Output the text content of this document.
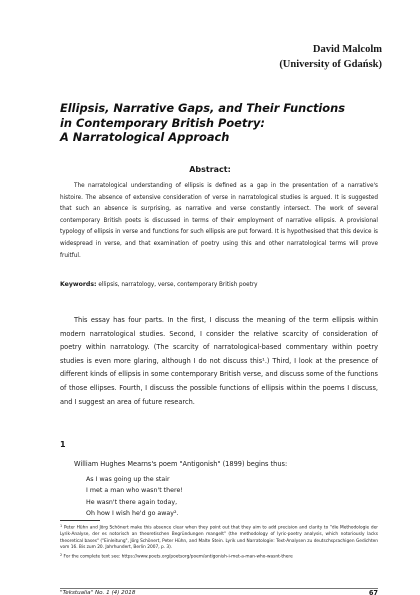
David Malcolm
(University of Gdańsk)
Ellipsis, Narrative Gaps, and Their Functions
in Contemporary British Poetry:
A Narratological Approach
Abstract:
The narratological understanding of ellipsis is defined as a gap in the presentation of a narrative's histoire. The absence of extensive consideration of verse in narratological studies is argued. It is suggested that such an absence is surprising, as narrative and verse constantly intersect. The work of several contemporary British poets is discussed in terms of their employment of narrative ellipsis. A provisional typology of ellipsis in verse and functions for such ellipsis are put forward. It is hypothesised that this device is widespread in verse, and that examination of poetry using this and other narratological terms will prove fruitful.
Keywords: ellipsis, narratology, verse, contemporary British poetry
This essay has four parts. In the first, I discuss the meaning of the term ellipsis within modern narratological studies. Second, I consider the relative scarcity of consideration of poetry within narratology. (The scarcity of narratological-based commentary within poetry studies is even more glaring, although I do not discuss this¹.) Third, I look at the presence of different kinds of ellipsis in some contemporary British verse, and discuss some of the functions of those ellipses. Fourth, I discuss the possible functions of ellipsis within the poems I discuss, and I suggest an area of future research.
1
William Hughes Mearns's poem "Antigonish" (1899) begins thus:
As I was going up the stair
I met a man who wasn't there!
He wasn't there again today,
Oh how I wish he'd go away².
$^1$ Peter Hühn and Jörg Schönert make this absence clear when they point out that they aim to add precision and clarity to "die Methodologie der Lyrik-Analyse, der es notorisch an theoretischen Begründungen mangelt" (the methodology of lyric-poetry analysis, which notoriously lacks theoretical bases" ("Einleitung", Jörg Schönert, Peter Hühn, and Malte Stein. Lyrik und Narratologie: Text-Analysen zu deutschsprachigen Gedichten vom 16. Bis zum 20. Jahrhundert, Berlin 2007, p. 3).
$^2$ For the complete text see: https://www.poets.org/poetsorg/poem/antigonish-i-met-a-man-who-wasnt-there
"Tekstualia" No. 1 (4) 2018	67
